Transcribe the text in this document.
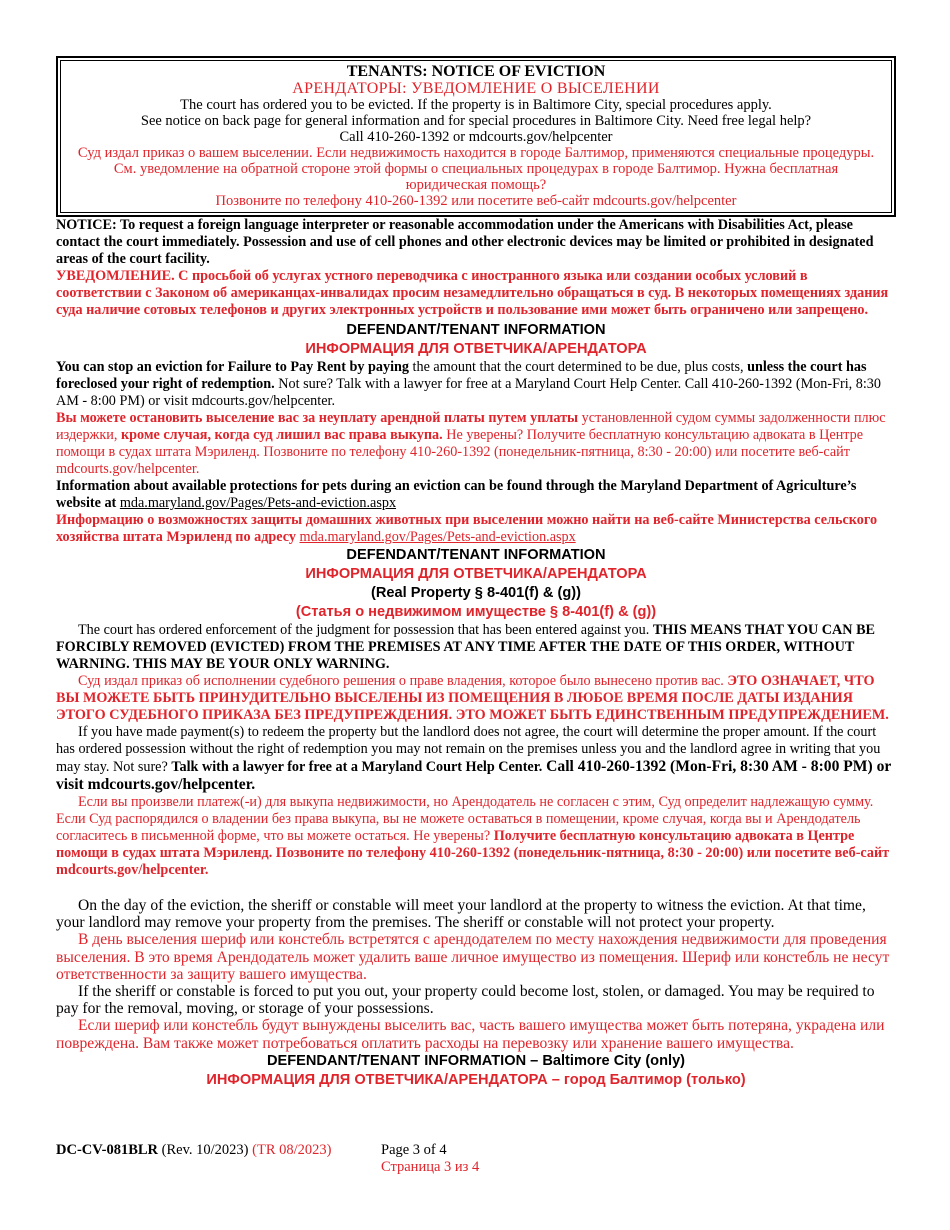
TENANTS: NOTICE OF EVICTION
АРЕНДАТОРЫ: УВЕДОМЛЕНИЕ О ВЫСЕЛЕНИИ
The court has ordered you to be evicted. If the property is in Baltimore City, special procedures apply.
See notice on back page for general information and for special procedures in Baltimore City. Need free legal help?
Call 410-260-1392 or mdcourts.gov/helpcenter
Суд издал приказ о вашем выселении. Если недвижимость находится в городе Балтимор, применяются специальные процедуры.
См. уведомление на обратной стороне этой формы о специальных процедурах в городе Балтимор. Нужна бесплатная юридическая помощь?
Позвоните по телефону 410-260-1392 или посетите веб-сайт mdcourts.gov/helpcenter

NOTICE: To request a foreign language interpreter or reasonable accommodation under the Americans with Disabilities Act, please contact the court immediately. Possession and use of cell phones and other electronic devices may be limited or prohibited in designated areas of the court facility.

УВЕДОМЛЕНИЕ. С просьбой об услугах устного переводчика с иностранного языка или создании особых условий в соответствии с Законом об американцах-инвалидах просим незамедлительно обращаться в суд. В некоторых помещениях здания суда наличие сотовых телефонов и других электронных устройств и пользование ими может быть ограничено или запрещено.

DEFENDANT/TENANT INFORMATION
ИНФОРМАЦИЯ ДЛЯ ОТВЕТЧИКА/АРЕНДАТОРА

You can stop an eviction for Failure to Pay Rent by paying the amount that the court determined to be due, plus costs, unless the court has foreclosed your right of redemption. Not sure? Talk with a lawyer for free at a Maryland Court Help Center. Call 410-260-1392 (Mon-Fri, 8:30 AM - 8:00 PM) or visit mdcourts.gov/helpcenter.

Вы можете остановить выселение вас за неуплату арендной платы путем уплаты установленной судом суммы задолженности плюс издержки, кроме случая, когда суд лишил вас права выкупа. Не уверены? Получите бесплатную консультацию адвоката в Центре помощи в судах штата Мэриленд. Позвоните по телефону 410-260-1392 (понедельник-пятница, 8:30 - 20:00) или посетите веб-сайт mdcourts.gov/helpcenter.

Information about available protections for pets during an eviction can be found through the Maryland Department of Agriculture’s website at mda.maryland.gov/Pages/Pets-and-eviction.aspx

Информацию о возможностях защиты домашних животных при выселении можно найти на веб-сайте Министерства сельского хозяйства штата Мэриленд по адресу mda.maryland.gov/Pages/Pets-and-eviction.aspx

DEFENDANT/TENANT INFORMATION
ИНФОРМАЦИЯ ДЛЯ ОТВЕТЧИКА/АРЕНДАТОРА
(Real Property § 8-401(f) & (g))
(Статья о недвижимом имуществе § 8-401(f) & (g))

The court has ordered enforcement of the judgment for possession that has been entered against you. THIS MEANS THAT YOU CAN BE FORCIBLY REMOVED (EVICTED) FROM THE PREMISES AT ANY TIME AFTER THE DATE OF THIS ORDER, WITHOUT WARNING. THIS MAY BE YOUR ONLY WARNING.

Суд издал приказ об исполнении судебного решения о праве владения, которое было вынесено против вас. ЭТО ОЗНАЧАЕТ, ЧТО ВЫ МОЖЕТЕ БЫТЬ ПРИНУДИТЕЛЬНО ВЫСЕЛЕНЫ ИЗ ПОМЕЩЕНИЯ В ЛЮБОЕ ВРЕМЯ ПОСЛЕ ДАТЫ ИЗДАНИЯ ЭТОГО СУДЕБНОГО ПРИКАЗА БЕЗ ПРЕДУПРЕЖДЕНИЯ. ЭТО МОЖЕТ БЫТЬ ЕДИНСТВЕННЫМ ПРЕДУПРЕЖДЕНИЕМ.

If you have made payment(s) to redeem the property but the landlord does not agree, the court will determine the proper amount. If the court has ordered possession without the right of redemption you may not remain on the premises unless you and the landlord agree in writing that you may stay. Not sure? Talk with a lawyer for free at a Maryland Court Help Center. Call 410-260-1392 (Mon-Fri, 8:30 AM - 8:00 PM) or visit mdcourts.gov/helpcenter.

Если вы произвели платеж(-и) для выкупа недвижимости, но Арендодатель не согласен с этим, Суд определит надлежащую сумму. Если Суд распорядился о владении без права выкупа, вы не можете оставаться в помещении, кроме случая, когда вы и Арендодатель согласитесь в письменной форме, что вы можете остаться. Не уверены? Получите бесплатную консультацию адвоката в Центре помощи в судах штата Мэриленд. Позвоните по телефону 410-260-1392 (понедельник-пятница, 8:30 - 20:00) или посетите веб-сайт mdcourts.gov/helpcenter.

On the day of the eviction, the sheriff or constable will meet your landlord at the property to witness the eviction. At that time, your landlord may remove your property from the premises. The sheriff or constable will not protect your property.

В день выселения шериф или констебль встретятся с арендодателем по месту нахождения недвижимости для проведения выселения. В это время Арендодатель может удалить ваше личное имущество из помещения. Шериф или констебль не несут ответственности за защиту вашего имущества.

If the sheriff or constable is forced to put you out, your property could become lost, stolen, or damaged. You may be required to pay for the removal, moving, or storage of your possessions.

Если шериф или констебль будут вынуждены выселить вас, часть вашего имущества может быть потеряна, украдена или повреждена. Вам также может потребоваться оплатить расходы на перевозку или хранение вашего имущества.

DEFENDANT/TENANT INFORMATION – Baltimore City (only)
ИНФОРМАЦИЯ ДЛЯ ОТВЕТЧИКА/АРЕНДАТОРА – город Балтимор (только)
DC-CV-081BLR (Rev. 10/2023) (TR 08/2023)	Page 3 of 4
Страница 3 из 4
